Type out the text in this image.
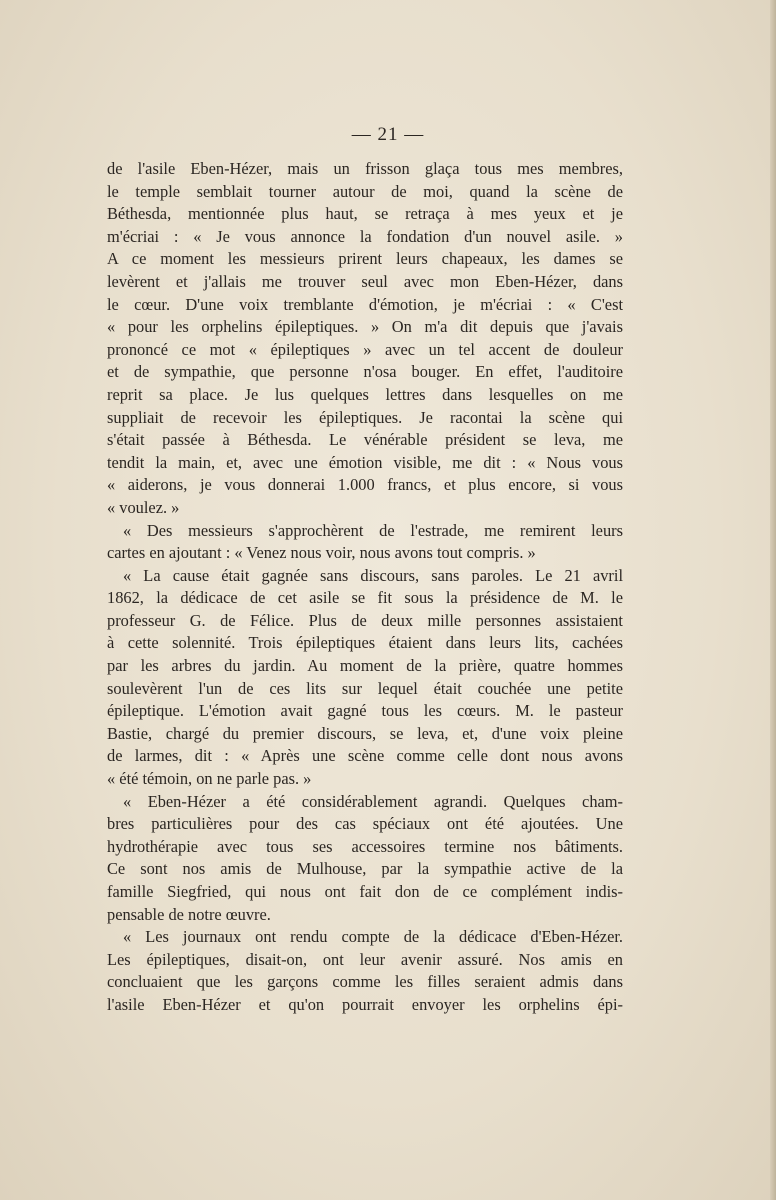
— 21 —
de l'asile Eben-Hézer, mais un frisson glaça tous mes membres,
le temple semblait tourner autour de moi, quand la scène de
Béthesda, mentionnée plus haut, se retraça à mes yeux et je
m'écriai : « Je vous annonce la fondation d'un nouvel asile. »
A ce moment les messieurs prirent leurs chapeaux, les dames se
levèrent et j'allais me trouver seul avec mon Eben-Hézer, dans
le cœur. D'une voix tremblante d'émotion, je m'écriai : « C'est
« pour les orphelins épileptiques. » On m'a dit depuis que j'avais
prononcé ce mot « épileptiques » avec un tel accent de douleur
et de sympathie, que personne n'osa bouger. En effet, l'auditoire
reprit sa place. Je lus quelques lettres dans lesquelles on me
suppliait de recevoir les épileptiques. Je racontai la scène qui
s'était passée à Béthesda. Le vénérable président se leva, me
tendit la main, et, avec une émotion visible, me dit : « Nous vous
« aiderons, je vous donnerai 1.000 francs, et plus encore, si vous
« voulez. »
« Des messieurs s'approchèrent de l'estrade, me remirent leurs
cartes en ajoutant : « Venez nous voir, nous avons tout compris. »
« La cause était gagnée sans discours, sans paroles. Le 21 avril
1862, la dédicace de cet asile se fit sous la présidence de M. le
professeur G. de Félice. Plus de deux mille personnes assistaient
à cette solennité. Trois épileptiques étaient dans leurs lits, cachées
par les arbres du jardin. Au moment de la prière, quatre hommes
soulevèrent l'un de ces lits sur lequel était couchée une petite
épileptique. L'émotion avait gagné tous les cœurs. M. le pasteur
Bastie, chargé du premier discours, se leva, et, d'une voix pleine
de larmes, dit : « Après une scène comme celle dont nous avons
« été témoin, on ne parle pas. »
« Eben-Hézer a été considérablement agrandi. Quelques cham-
bres particulières pour des cas spéciaux ont été ajoutées. Une
hydrothérapie avec tous ses accessoires termine nos bâtiments.
Ce sont nos amis de Mulhouse, par la sympathie active de la
famille Siegfried, qui nous ont fait don de ce complément indis-
pensable de notre œuvre.
« Les journaux ont rendu compte de la dédicace d'Eben-Hézer.
Les épileptiques, disait-on, ont leur avenir assuré. Nos amis en
concluaient que les garçons comme les filles seraient admis dans
l'asile Eben-Hézer et qu'on pourrait envoyer les orphelins épi-
